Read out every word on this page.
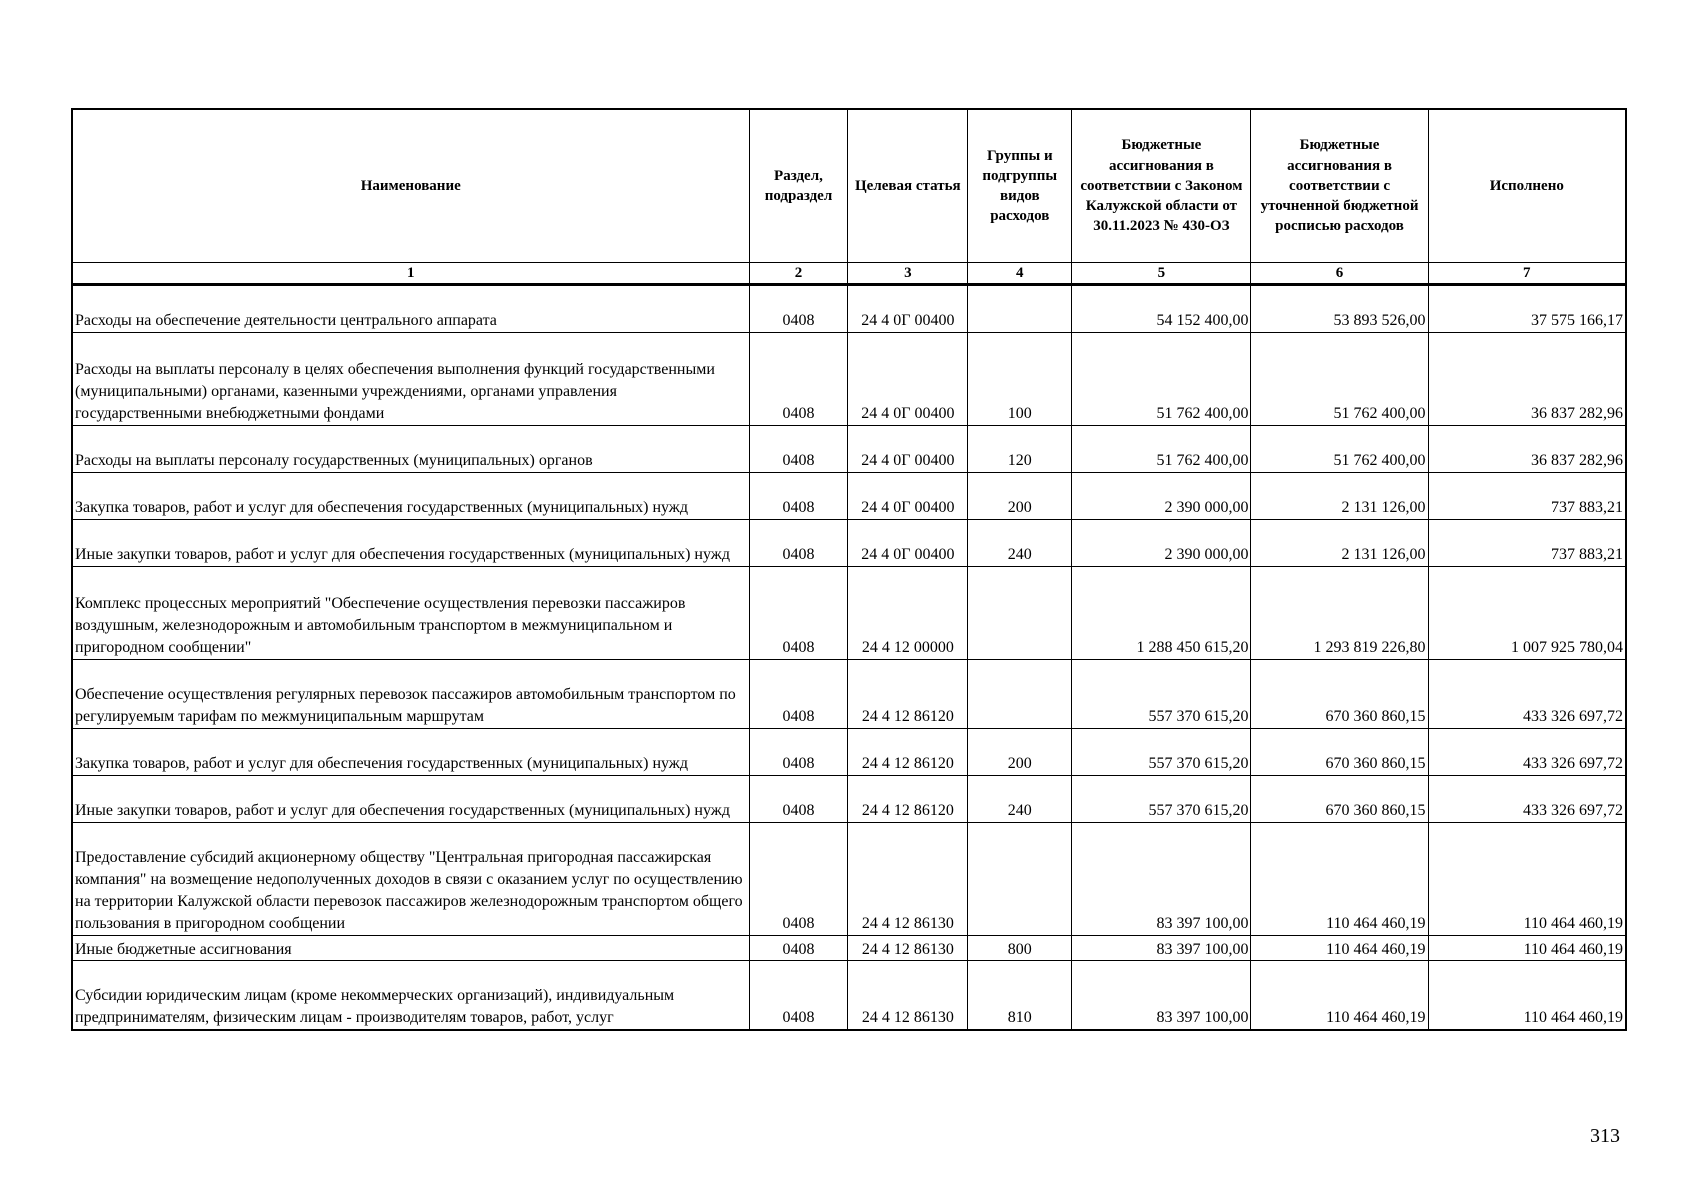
Наименование	Раздел, подраздел	Целевая статья	Группы и подгруппы видов расходов	Бюджетные ассигнования в соответствии с Законом Калужской области от 30.11.2023 № 430-ОЗ	Бюджетные ассигнования в соответствии с уточненной бюджетной росписью расходов	Исполнено
1	2	3	4	5	6	7
Расходы на обеспечение деятельности центрального аппарата	0408	24 4 0Г 00400		54 152 400,00	53 893 526,00	37 575 166,17
Расходы на выплаты персоналу в целях обеспечения выполнения функций государственными (муниципальными) органами, казенными учреждениями, органами управления государственными внебюджетными фондами	0408	24 4 0Г 00400	100	51 762 400,00	51 762 400,00	36 837 282,96
Расходы на выплаты персоналу государственных (муниципальных) органов	0408	24 4 0Г 00400	120	51 762 400,00	51 762 400,00	36 837 282,96
Закупка товаров, работ и услуг для обеспечения государственных (муниципальных) нужд	0408	24 4 0Г 00400	200	2 390 000,00	2 131 126,00	737 883,21
Иные закупки товаров, работ и услуг для обеспечения государственных (муниципальных) нужд	0408	24 4 0Г 00400	240	2 390 000,00	2 131 126,00	737 883,21
Комплекс процессных мероприятий "Обеспечение осуществления перевозки пассажиров воздушным, железнодорожным и автомобильным транспортом в межмуниципальном и пригородном сообщении"	0408	24 4 12 00000		1 288 450 615,20	1 293 819 226,80	1 007 925 780,04
Обеспечение осуществления регулярных перевозок пассажиров автомобильным транспортом по регулируемым тарифам по межмуниципальным маршрутам	0408	24 4 12 86120		557 370 615,20	670 360 860,15	433 326 697,72
Закупка товаров, работ и услуг для обеспечения государственных (муниципальных) нужд	0408	24 4 12 86120	200	557 370 615,20	670 360 860,15	433 326 697,72
Иные закупки товаров, работ и услуг для обеспечения государственных (муниципальных) нужд	0408	24 4 12 86120	240	557 370 615,20	670 360 860,15	433 326 697,72
Предоставление субсидий акционерному обществу "Центральная пригородная пассажирская компания" на возмещение недополученных доходов в связи с оказанием услуг по осуществлению на территории Калужской области перевозок пассажиров железнодорожным транспортом общего пользования в пригородном сообщении	0408	24 4 12 86130		83 397 100,00	110 464 460,19	110 464 460,19
Иные бюджетные ассигнования	0408	24 4 12 86130	800	83 397 100,00	110 464 460,19	110 464 460,19
Субсидии юридическим лицам (кроме некоммерческих организаций), индивидуальным предпринимателям, физическим лицам - производителям товаров, работ, услуг	0408	24 4 12 86130	810	83 397 100,00	110 464 460,19	110 464 460,19
313
